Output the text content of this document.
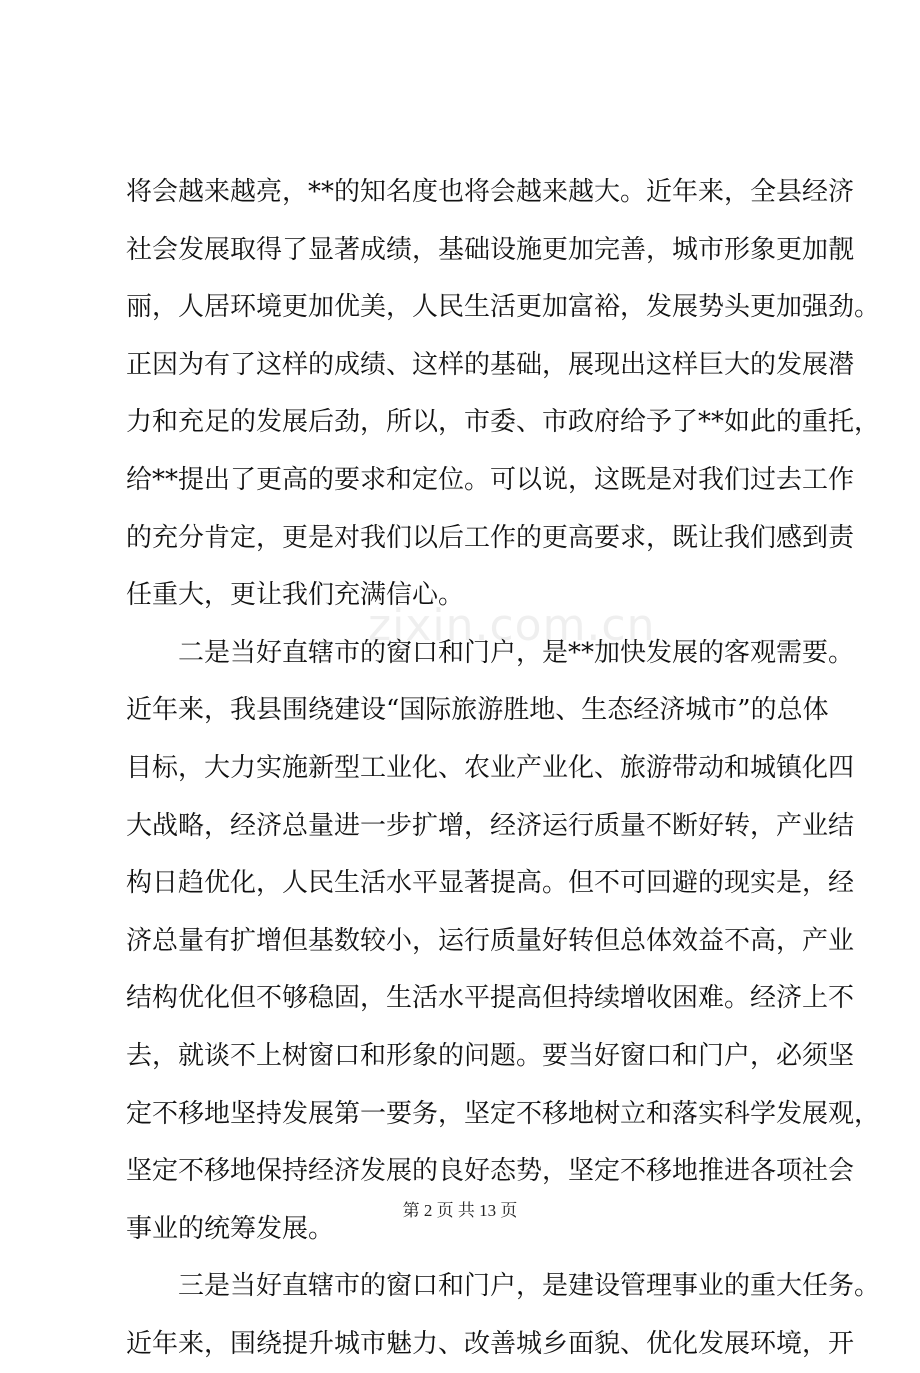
zixin.com.cn
将会越来越亮，**的知名度也将会越来越大。近年来，全县经济
社会发展取得了显著成绩，基础设施更加完善，城市形象更加靓
丽，人居环境更加优美，人民生活更加富裕，发展势头更加强劲。
正因为有了这样的成绩、这样的基础，展现出这样巨大的发展潜
力和充足的发展后劲，所以，市委、市政府给予了**如此的重托，
给**提出了更高的要求和定位。可以说，这既是对我们过去工作
的充分肯定，更是对我们以后工作的更高要求，既让我们感到责
任重大，更让我们充满信心。
　　二是当好直辖市的窗口和门户，是**加快发展的客观需要。
近年来，我县围绕建设“国际旅游胜地、生态经济城市”的总体
目标，大力实施新型工业化、农业产业化、旅游带动和城镇化四
大战略，经济总量进一步扩增，经济运行质量不断好转，产业结
构日趋优化，人民生活水平显著提高。但不可回避的现实是，经
济总量有扩增但基数较小，运行质量好转但总体效益不高，产业
结构优化但不够稳固，生活水平提高但持续增收困难。经济上不
去，就谈不上树窗口和形象的问题。要当好窗口和门户，必须坚
定不移地坚持发展第一要务，坚定不移地树立和落实科学发展观，
坚定不移地保持经济发展的良好态势，坚定不移地推进各项社会
事业的统筹发展。
　　三是当好直辖市的窗口和门户，是建设管理事业的重大任务。
近年来，围绕提升城市魅力、改善城乡面貌、优化发展环境，开
第 2 页 共 13 页
